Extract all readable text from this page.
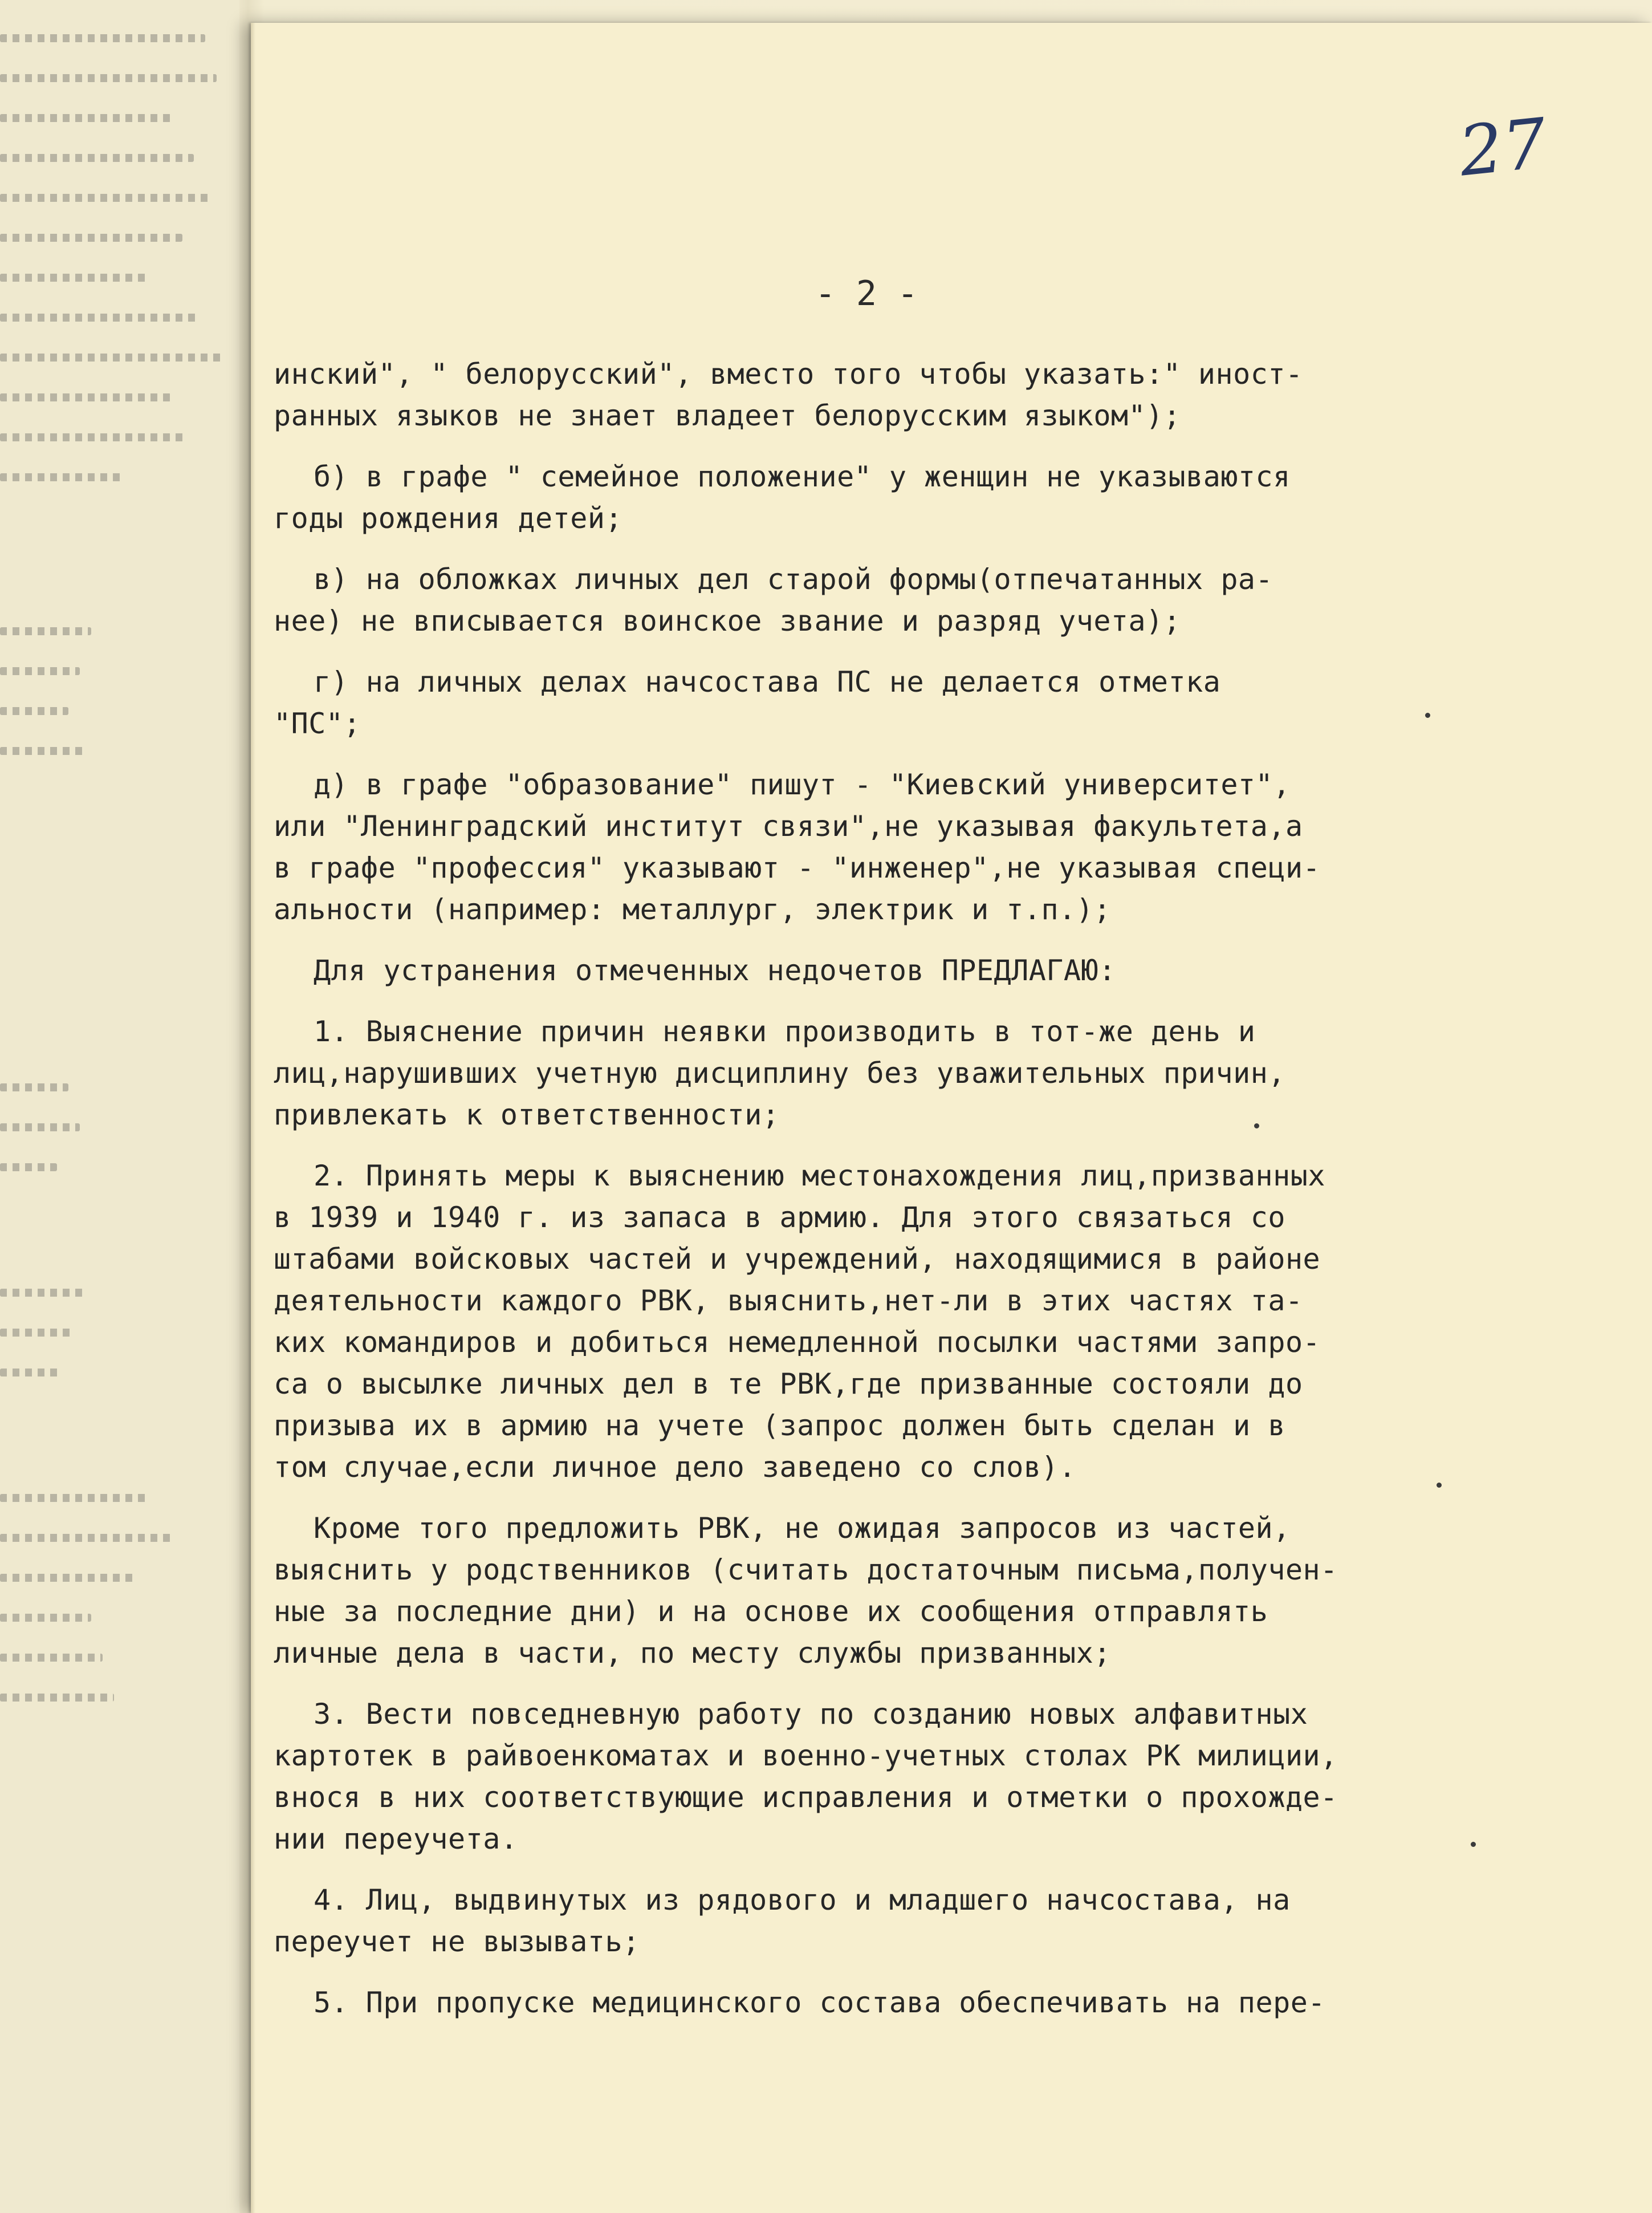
27
- 2 -
инский", " белорусский", вместо того чтобы указать:" иност-
ранных языков не знает владеет белорусским языком");
б) в графе " семейное положение" у женщин не указываются
годы рождения детей;
в) на обложках личных дел старой формы(отпечатанных ра-
нее) не вписывается воинское звание и разряд учета);
г) на личных делах начсостава ПС не делается отметка
"ПС";
д) в графе "образование" пишут - "Киевский университет",
или "Ленинградский институт связи",не указывая факультета,а
в графе "профессия" указывают - "инженер",не указывая специ-
альности (например: металлург, электрик и т.п.);
Для устранения отмеченных недочетов ПРЕДЛАГАЮ:
1. Выяснение причин неявки производить в тот-же день и
лиц,нарушивших учетную дисциплину без уважительных причин,
привлекать к ответственности;
2. Принять меры к выяснению местонахождения лиц,призванных
в 1939 и 1940 г. из запаса в армию. Для этого связаться со
штабами войсковых частей и учреждений, находящимися в районе
деятельности каждого РВК, выяснить,нет-ли в этих частях та-
ких командиров и добиться немедленной посылки частями запро-
са о высылке личных дел в те РВК,где призванные состояли до
призыва их в армию на учете (запрос должен быть сделан и в
том случае,если личное дело заведено со слов).
Кроме того предложить РВК, не ожидая запросов из частей,
выяснить у родственников (считать достаточным письма,получен-
ные за последние дни) и на основе их сообщения отправлять
личные дела в части, по месту службы призванных;
3. Вести повседневную работу по созданию новых алфавитных
картотек в райвоенкоматах и военно-учетных столах РК милиции,
внося в них соответствующие исправления и отметки о прохожде-
нии переучета.
4. Лиц, выдвинутых из рядового и младшего начсостава, на
переучет не вызывать;
5. При пропуске медицинского состава обеспечивать на пере-
